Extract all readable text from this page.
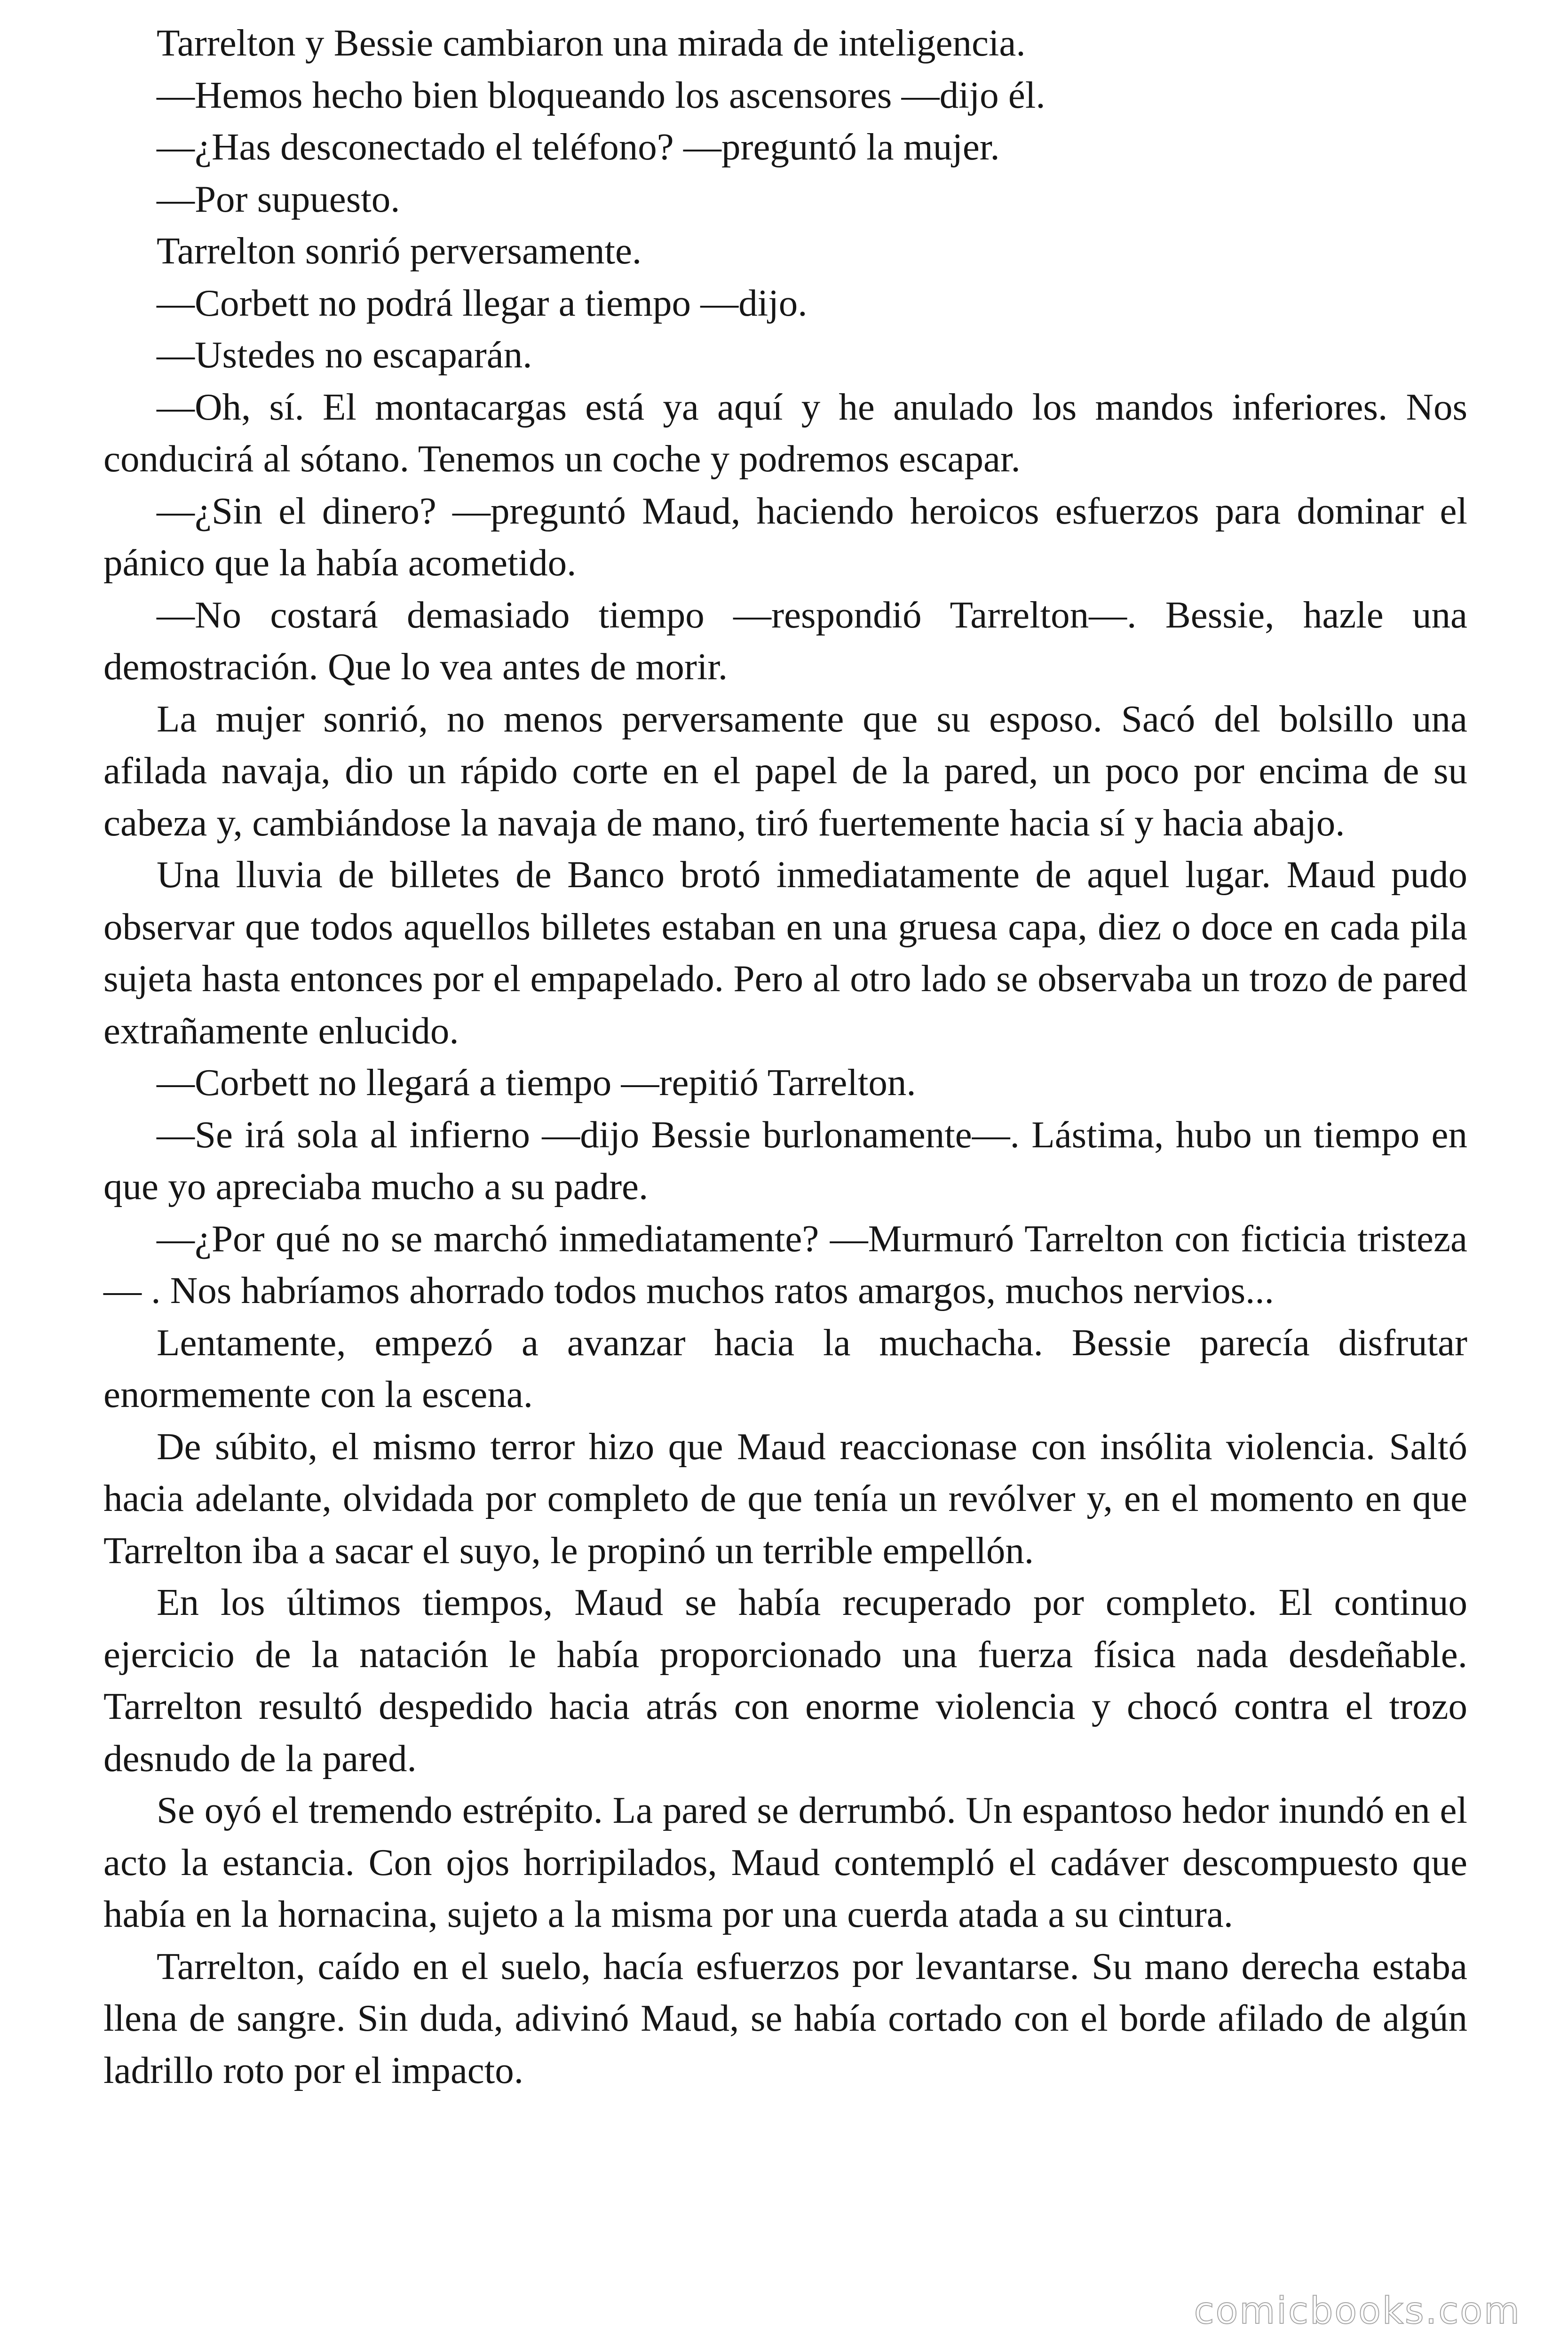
Tarrelton y Bessie cambiaron una mirada de inteligencia.

—Hemos hecho bien bloqueando los ascensores —dijo él.

—¿Has desconectado el teléfono? —preguntó la mujer.

—Por supuesto.

Tarrelton sonrió perversamente.

—Corbett no podrá llegar a tiempo —dijo.

—Ustedes no escaparán.

—Oh, sí. El montacargas está ya aquí y he anulado los mandos inferiores. Nos conducirá al sótano. Tenemos un coche y podremos escapar.

—¿Sin el dinero? —preguntó Maud, haciendo heroicos esfuerzos para dominar el pánico que la había acometido.

—No costará demasiado tiempo —respondió Tarrelton—. Bessie, hazle una demostración. Que lo vea antes de morir.

La mujer sonrió, no menos perversamente que su esposo. Sacó del bolsillo una afilada navaja, dio un rápido corte en el papel de la pared, un poco por encima de su cabeza y, cambiándose la navaja de mano, tiró fuertemente hacia sí y hacia abajo.

Una lluvia de billetes de Banco brotó inmediatamente de aquel lugar. Maud pudo observar que todos aquellos billetes estaban en una gruesa capa, diez o doce en cada pila sujeta hasta entonces por el empapelado. Pero al otro lado se observaba un trozo de pared extrañamente enlucido.

—Corbett no llegará a tiempo —repitió Tarrelton.

—Se irá sola al infierno —dijo Bessie burlonamente—. Lástima, hubo un tiempo en que yo apreciaba mucho a su padre.

—¿Por qué no se marchó inmediatamente? —Murmuró Tarrelton con ficticia tristeza— . Nos habríamos ahorrado todos muchos ratos amargos, muchos nervios...

Lentamente, empezó a avanzar hacia la muchacha. Bessie parecía disfrutar enormemente con la escena.

De súbito, el mismo terror hizo que Maud reaccionase con insólita violencia. Saltó hacia adelante, olvidada por completo de que tenía un revólver y, en el momento en que Tarrelton iba a sacar el suyo, le propinó un terrible empellón.

En los últimos tiempos, Maud se había recuperado por completo. El continuo ejercicio de la natación le había proporcionado una fuerza física nada desdeñable. Tarrelton resultó despedido hacia atrás con enorme violencia y chocó contra el trozo desnudo de la pared.

Se oyó el tremendo estrépito. La pared se derrumbó. Un espantoso hedor inundó en el acto la estancia. Con ojos horripilados, Maud contempló el cadáver descompuesto que había en la hornacina, sujeto a la misma por una cuerda atada a su cintura.

Tarrelton, caído en el suelo, hacía esfuerzos por levantarse. Su mano derecha estaba llena de sangre. Sin duda, adivinó Maud, se había cortado con el borde afilado de algún ladrillo roto por el impacto.

comicbooks.com
